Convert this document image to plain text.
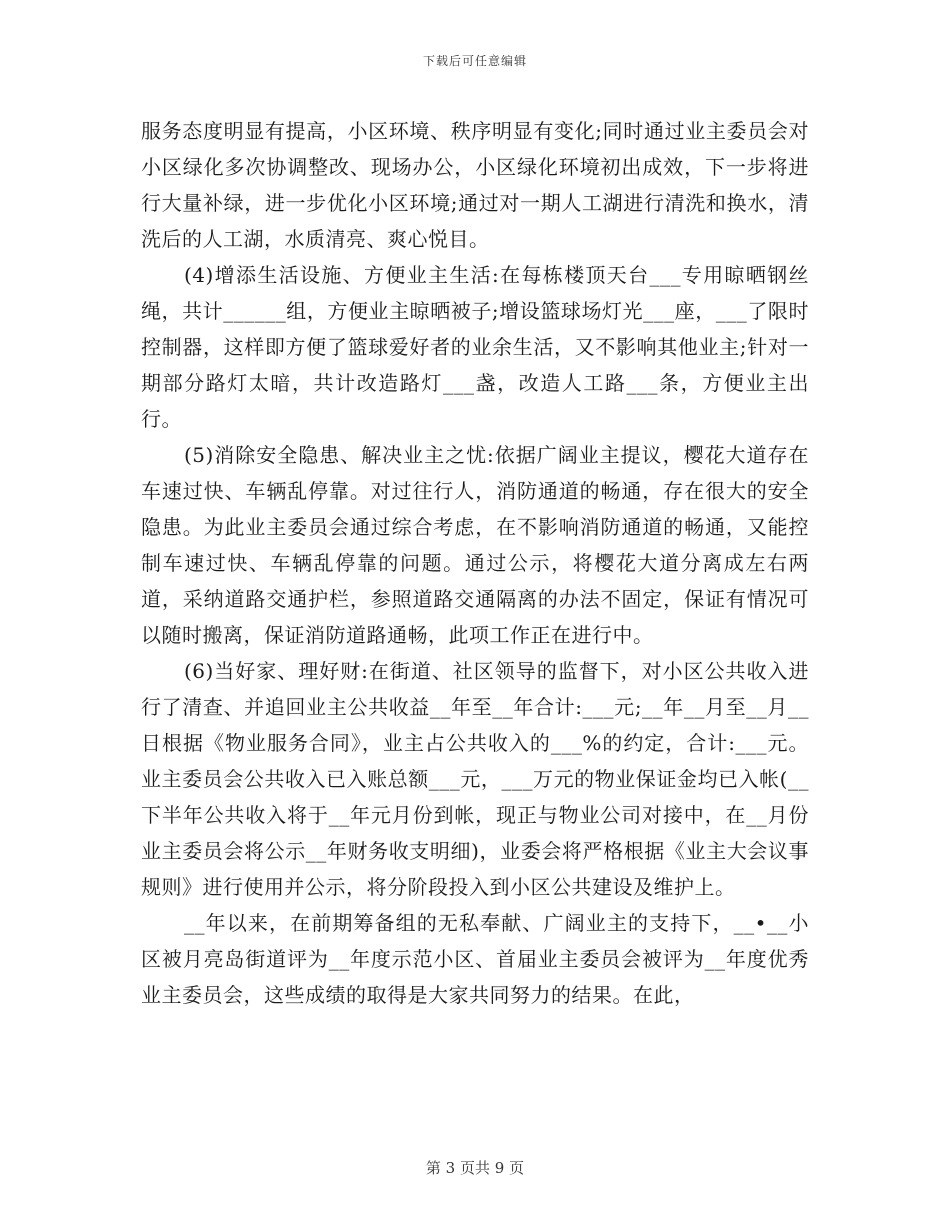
下载后可任意编辑

服务态度明显有提高，小区环境、秩序明显有变化;同时通过业主委员会对小区绿化多次协调整改、现场办公，小区绿化环境初出成效，下一步将进行大量补绿，进一步优化小区环境;通过对一期人工湖进行清洗和换水，清洗后的人工湖，水质清亮、爽心悦目。

(4)增添生活设施、方便业主生活:在每栋楼顶天台___专用晾晒钢丝绳，共计______组，方便业主晾晒被子;增设篮球场灯光___座，___了限时控制器，这样即方便了篮球爱好者的业余生活，又不影响其他业主;针对一期部分路灯太暗，共计改造路灯___盏，改造人工路___条，方便业主出行。

(5)消除安全隐患、解决业主之忧:依据广阔业主提议，樱花大道存在车速过快、车辆乱停靠。对过往行人，消防通道的畅通，存在很大的安全隐患。为此业主委员会通过综合考虑，在不影响消防通道的畅通，又能控制车速过快、车辆乱停靠的问题。通过公示，将樱花大道分离成左右两道，采纳道路交通护栏，参照道路交通隔离的办法不固定，保证有情况可以随时搬离，保证消防道路通畅，此项工作正在进行中。

(6)当好家、理好财:在街道、社区领导的监督下，对小区公共收入进行了清查、并追回业主公共收益__年至__年合计:___元;__年__月至__月__日根据《物业服务合同》，业主占公共收入的___%的约定，合计:___元。业主委员会公共收入已入账总额___元，___万元的物业保证金均已入帐(__下半年公共收入将于__年元月份到帐，现正与物业公司对接中，在__月份业主委员会将公示__年财务收支明细)，业委会将严格根据《业主大会议事规则》进行使用并公示，将分阶段投入到小区公共建设及维护上。

__年以来，在前期筹备组的无私奉献、广阔业主的支持下，__•__小区被月亮岛街道评为__年度示范小区、首届业主委员会被评为__年度优秀业主委员会，这些成绩的取得是大家共同努力的结果。在此，

第 3 页共 9 页
